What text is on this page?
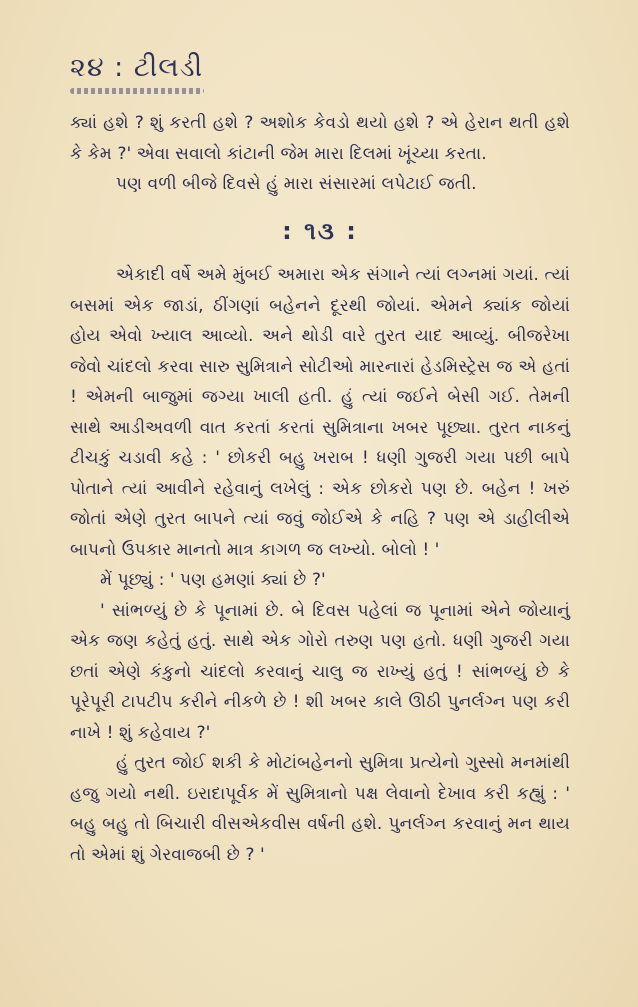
૨૪ : ટીલડી

ક્યાં હશે ? શું કરતી હશે ? અશોક કેવડો થયો હશે ? એ હેરાન થતી હશે કે કેમ ?' એવા સવાલો કાંટાની જેમ મારા દિલમાં ખૂંચ્યા કરતા.

પણ વળી બીજે દિવસે હું મારા સંસારમાં લપેટાઈ જતી.

: ૧૩ :

એકાદી વર્ષે અમે મુંબઈ અમારા એક સંગાને ત્યાં લગ્નમાં ગયાં. ત્યાં બસમાં એક જાડાં, ઠીંગણાં બહેનને દૂરથી જોયાં. એમને ક્યાંક જોયાં હોય એવો ખ્યાલ આવ્યો. અને થોડી વારે તુરત યાદ આવ્યું. બીજરેખા જેવો ચાંદલો કરવા સારુ સુમિત્રાને સોટીઓ મારનારાં હેડમિસ્ટ્રેસ જ એ હતાં ! એમની બાજુમાં જગ્યા ખાલી હતી. હું ત્યાં જઈને બેસી ગઈ. તેમની સાથે આડીઅવળી વાત કરતાં કરતાં સુમિત્રાના ખબર પૂછ્યા. તુરત નાકનું ટીચકું ચડાવી કહે : ' છોકરી બહુ ખરાબ ! ધણી ગુજરી ગયા પછી બાપે પોતાને ત્યાં આવીને રહેવાનું લખેલું : એક છોકરો પણ છે. બહેન ! ખરું જોતાં એણે તુરત બાપને ત્યાં જવું જોઈએ કે નહિ ? પણ એ ડાહીલીએ બાપનો ઉપકાર માનતો માત્ર કાગળ જ લખ્યો. બોલો ! '

મેં પૂછ્યું : ' પણ હમણાં ક્યાં છે ?'

' સાંભળ્યું છે કે પૂનામાં છે. બે દિવસ પહેલાં જ પૂનામાં એને જોયાનું એક જણ કહેતું હતું. સાથે એક ગોરો તરુણ પણ હતો. ધણી ગુજરી ગયા છતાં એણે કંકુનો ચાંદલો કરવાનું ચાલુ જ રાખ્યું હતું ! સાંભળ્યું છે કે પૂરેપૂરી ટાપટીપ કરીને નીકળે છે ! શી ખબર કાલે ઊઠી પુનર્લગ્ન પણ કરી નાખે ! શું કહેવાય ?'

હું તુરત જોઈ શકી કે મોટાંબહેનનો સુમિત્રા પ્રત્યેનો ગુસ્સો મનમાંથી હજુ ગયો નથી. ઇરાદાપૂર્વક મેં સુમિત્રાનો પક્ષ લેવાનો દેખાવ કરી કહ્યું : ' બહુ બહુ તો બિચારી વીસએકવીસ વર્ષની હશે. પુનર્લગ્ન કરવાનું મન થાય તો એમાં શું ગેરવાજબી છે ? '
